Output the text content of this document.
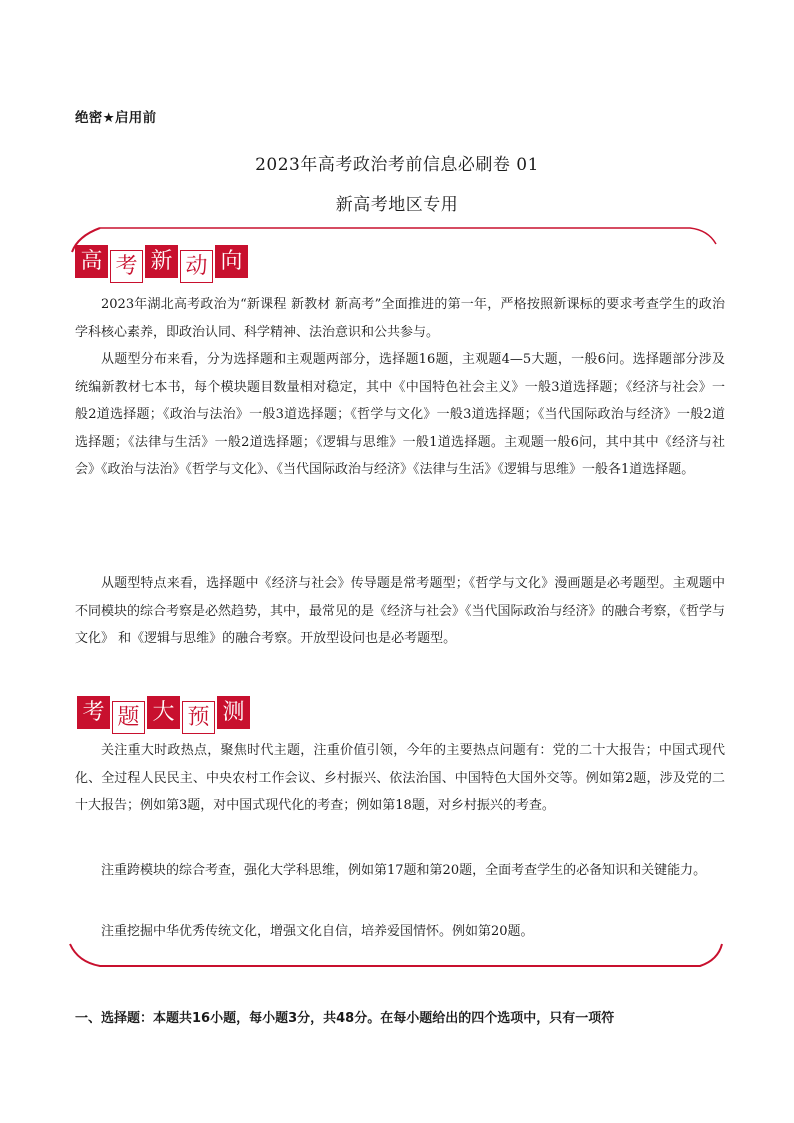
绝密★启用前
2023年高考政治考前信息必刷卷 01
新高考地区专用
高 考 新 动 向

2023年湖北高考政治为“新课程 新教材 新高考”全面推进的第一年，严格按照新课标的要求考查学生的政治学科核心素养，即政治认同、科学精神、法治意识和公共参与。

从题型分布来看，分为选择题和主观题两部分，选择题16题，主观题4—5大题，一般6问。选择题部分涉及统编新教材七本书，每个模块题目数量相对稳定，其中《中国特色社会主义》一般3道选择题；《经济与社会》一般2道选择题；《政治与法治》一般3道选择题；《哲学与文化》一般3道选择题；《当代国际政治与经济》一般2道选择题；《法律与生活》一般2道选择题；《逻辑与思维》一般1道选择题。主观题一般6问，其中其中《经济与社会》《政治与法治》《哲学与文化》、《当代国际政治与经济》《法律与生活》《逻辑与思维》一般各1道选择题。

从题型特点来看，选择题中《经济与社会》传导题是常考题型；《哲学与文化》漫画题是必考题型。主观题中不同模块的综合考察是必然趋势，其中，最常见的是《经济与社会》《当代国际政治与经济》的融合考察，《哲学与文化》 和《逻辑与思维》的融合考察。开放型设问也是必考题型。

考 题 大 预 测

关注重大时政热点，聚焦时代主题，注重价值引领，今年的主要热点问题有：党的二十大报告；中国式现代化、全过程人民民主、中央农村工作会议、乡村振兴、依法治国、中国特色大国外交等。例如第2题，涉及党的二十大报告；例如第3题，对中国式现代化的考查；例如第18题，对乡村振兴的考查。

注重跨模块的综合考查，强化大学科思维，例如第17题和第20题，全面考查学生的必备知识和关键能力。

注重挖掘中华优秀传统文化，增强文化自信，培养爱国情怀。例如第20题。

一、选择题：本题共16小题，每小题3分，共48分。在每小题给出的四个选项中，只有一项符
